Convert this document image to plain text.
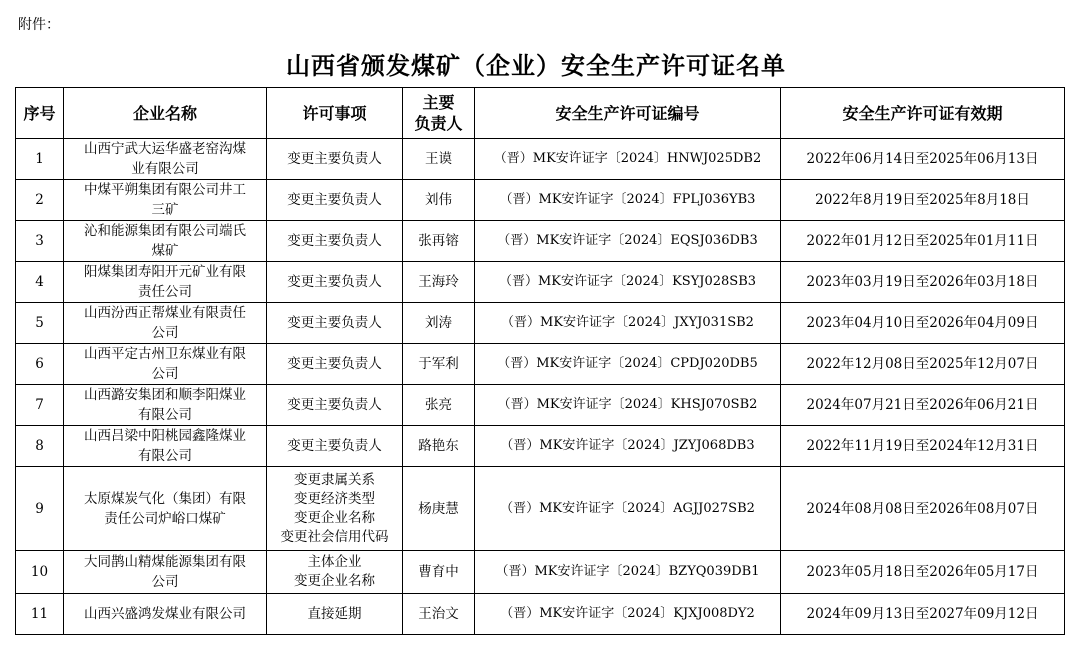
附件：
山西省颁发煤矿（企业）安全生产许可证名单
序号	企业名称	许可事项	主要
负责人	安全生产许可证编号	安全生产许可证有效期
1	山西宁武大运华盛老窑沟煤
业有限公司	变更主要负责人	王谟	（晋）MK安许证字〔2024〕HNWJ025DB2	2022年06月14日至2025年06月13日
2	中煤平朔集团有限公司井工
三矿	变更主要负责人	刘伟	（晋）MK安许证字〔2024〕FPLJ036YB3	2022年8月19日至2025年8月18日
3	沁和能源集团有限公司端氏
煤矿	变更主要负责人	张再镕	（晋）MK安许证字〔2024〕EQSJ036DB3	2022年01月12日至2025年01月11日
4	阳煤集团寿阳开元矿业有限
责任公司	变更主要负责人	王海玲	（晋）MK安许证字〔2024〕KSYJ028SB3	2023年03月19日至2026年03月18日
5	山西汾西正帮煤业有限责任
公司	变更主要负责人	刘涛	（晋）MK安许证字〔2024〕JXYJ031SB2	2023年04月10日至2026年04月09日
6	山西平定古州卫东煤业有限
公司	变更主要负责人	于军利	（晋）MK安许证字〔2024〕CPDJ020DB5	2022年12月08日至2025年12月07日
7	山西潞安集团和顺李阳煤业
有限公司	变更主要负责人	张亮	（晋）MK安许证字〔2024〕KHSJ070SB2	2024年07月21日至2026年06月21日
8	山西吕梁中阳桃园鑫隆煤业
有限公司	变更主要负责人	路艳东	（晋）MK安许证字〔2024〕JZYJ068DB3	2022年11月19日至2024年12月31日
9	太原煤炭气化（集团）有限
责任公司炉峪口煤矿	变更隶属关系
变更经济类型
变更企业名称
变更社会信用代码	杨庚慧	（晋）MK安许证字〔2024〕AGJJ027SB2	2024年08月08日至2026年08月07日
10	大同鹊山精煤能源集团有限
公司	主体企业
变更企业名称	曹育中	（晋）MK安许证字〔2024〕BZYQ039DB1	2023年05月18日至2026年05月17日
11	山西兴盛鸿发煤业有限公司	直接延期	王治文	（晋）MK安许证字〔2024〕KJXJ008DY2	2024年09月13日至2027年09月12日
